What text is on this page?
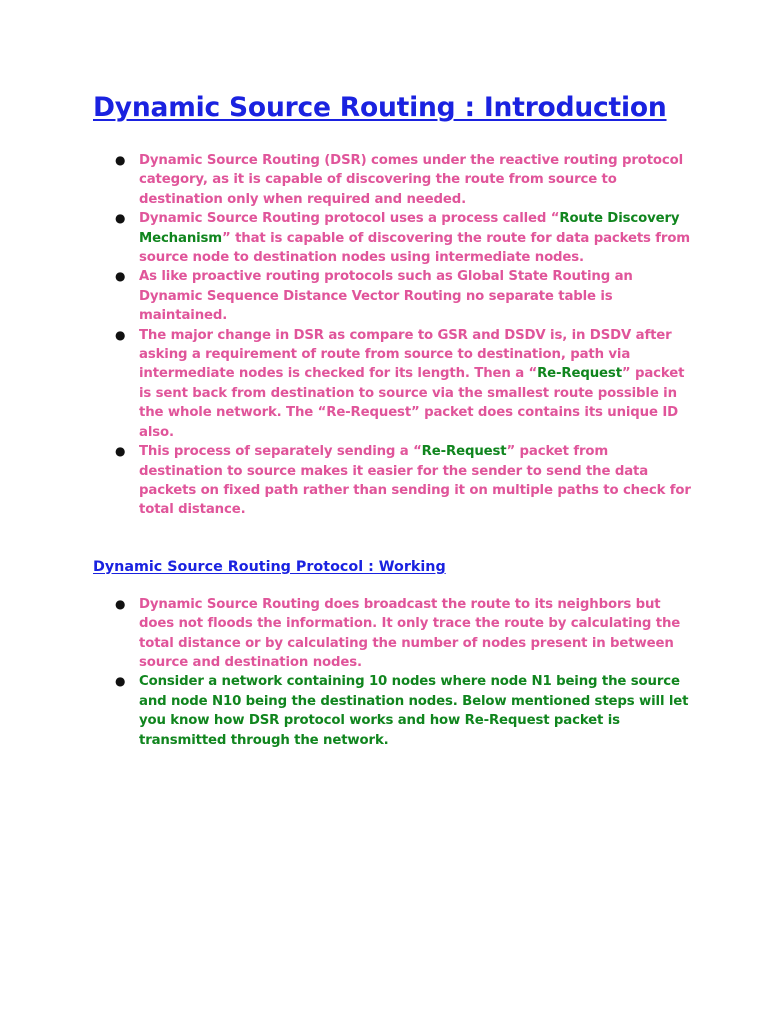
Dynamic Source Routing : Introduction
● Dynamic Source Routing (DSR) comes under the reactive routing protocol category, as it is capable of discovering the route from source to destination only when required and needed.
● Dynamic Source Routing protocol uses a process called “Route Discovery Mechanism” that is capable of discovering the route for data packets from source node to destination nodes using intermediate nodes.
● As like proactive routing protocols such as Global State Routing an Dynamic Sequence Distance Vector Routing no separate table is maintained.
● The major change in DSR as compare to GSR and DSDV is, in DSDV after asking a requirement of route from source to destination, path via intermediate nodes is checked for its length. Then a “Re-Request” packet is sent back from destination to source via the smallest route possible in the whole network. The “Re-Request” packet does contains its unique ID also.
● This process of separately sending a “Re-Request” packet from destination to source makes it easier for the sender to send the data packets on fixed path rather than sending it on multiple paths to check for total distance.
Dynamic Source Routing Protocol : Working
● Dynamic Source Routing does broadcast the route to its neighbors but does not floods the information. It only trace the route by calculating the total distance or by calculating the number of nodes present in between source and destination nodes.
● Consider a network containing 10 nodes where node N1 being the source and node N10 being the destination nodes. Below mentioned steps will let you know how DSR protocol works and how Re-Request packet is transmitted through the network.
